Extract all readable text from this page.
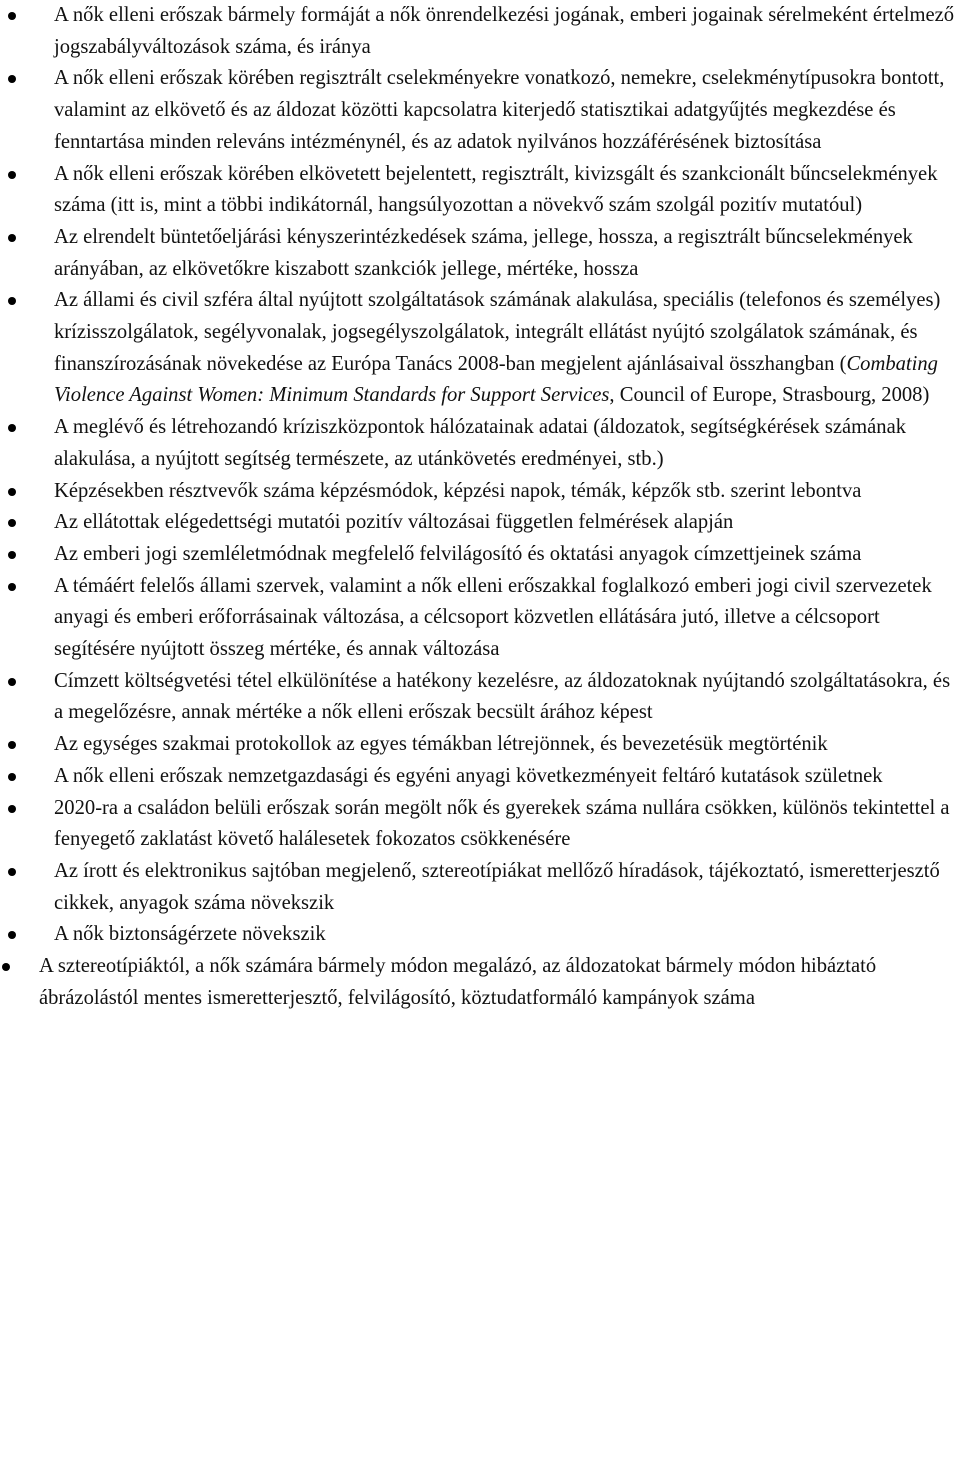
A nők elleni erőszak bármely formáját a nők önrendelkezési jogának, emberi jogainak sérelmeként értelmező jogszabályváltozások száma, és iránya
A nők elleni erőszak körében regisztrált cselekményekre vonatkozó, nemekre, cselekménytípusokra bontott, valamint az elkövető és az áldozat közötti kapcsolatra kiterjedő statisztikai adatgyűjtés megkezdése és fenntartása minden releváns intézménynél, és az adatok nyilvános hozzáférésének biztosítása
A nők elleni erőszak körében elkövetett bejelentett, regisztrált, kivizsgált és szankcionált bűncselekmények száma (itt is, mint a többi indikátornál, hangsúlyozottan a növekvő szám szolgál pozitív mutatóul)
Az elrendelt büntetőeljárási kényszerintézkedések száma, jellege, hossza, a regisztrált bűncselekmények arányában, az elkövetőkre kiszabott szankciók jellege, mértéke, hossza
Az állami és civil szféra által nyújtott szolgáltatások számának alakulása, speciális (telefonos és személyes) krízisszolgálatok, segélyvonalak, jogsegélyszolgálatok, integrált ellátást nyújtó szolgálatok számának, és finanszírozásának növekedése az Európa Tanács 2008-ban megjelent ajánlásaival összhangban (Combating Violence Against Women: Minimum Standards for Support Services, Council of Europe, Strasbourg, 2008)
A meglévő és létrehozandó kríziszközpontok hálózatainak adatai (áldozatok, segítségkérések számának alakulása, a nyújtott segítség természete, az utánkövetés eredményei, stb.)
Képzésekben résztvevők száma képzésmódok, képzési napok, témák, képzők stb. szerint lebontva
Az ellátottak elégedettségi mutatói pozitív változásai független felmérések alapján
Az emberi jogi szemléletmódnak megfelelő felvilágosító és oktatási anyagok címzettjeinek száma
A témáért felelős állami szervek, valamint a nők elleni erőszakkal foglalkozó emberi jogi civil szervezetek anyagi és emberi erőforrásainak változása, a célcsoport közvetlen ellátására jutó, illetve a célcsoport segítésére nyújtott összeg mértéke, és annak változása
Címzett költségvetési tétel elkülönítése a hatékony kezelésre, az áldozatoknak nyújtandó szolgáltatásokra, és a megelőzésre, annak mértéke a nők elleni erőszak becsült árához képest
Az egységes szakmai protokollok az egyes témákban létrejönnek, és bevezetésük megtörténik
A nők elleni erőszak nemzetgazdasági és egyéni anyagi következményeit feltáró kutatások születnek
2020-ra a családon belüli erőszak során megölt nők és gyerekek száma nullára csökken, különös tekintettel a fenyegető zaklatást követő halálesetek fokozatos csökkenésére
Az írott és elektronikus sajtóban megjelenő, sztereotípiákat mellőző híradások, tájékoztató, ismeretterjesztő cikkek, anyagok száma növekszik
A nők biztonságérzete növekszik
A sztereotípiáktól, a nők számára bármely módon megalázó, az áldozatokat bármely módon hibáztató ábrázolástól mentes ismeretterjesztő, felvilágosító, köztudatformáló kampányok száma
